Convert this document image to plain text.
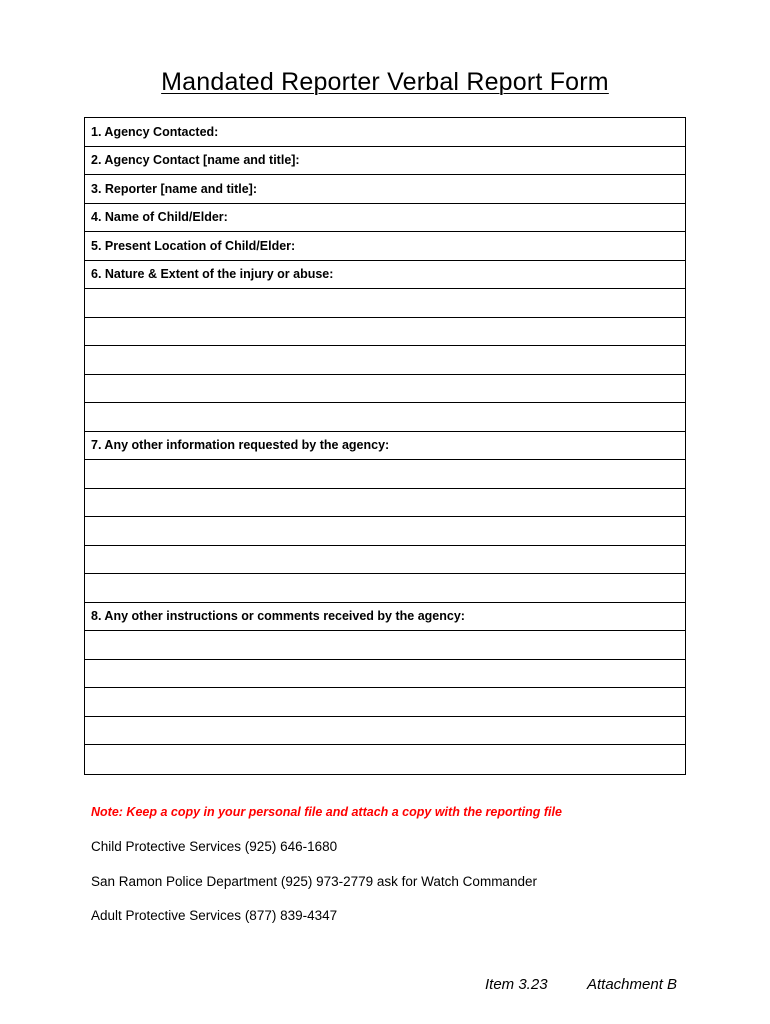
Mandated Reporter Verbal Report Form
1. Agency Contacted:
2. Agency Contact [name and title]:
3. Reporter [name and title]:
4. Name of Child/Elder:
5. Present Location of Child/Elder:
6. Nature & Extent of the injury or abuse:
7. Any other information requested by the agency:
8. Any other instructions or comments received by the agency:
Note: Keep a copy in your personal file and attach a copy with the reporting file
Child Protective Services (925) 646-1680
San Ramon Police Department (925) 973-2779 ask for Watch Commander
Adult Protective Services (877) 839-4347
Item 3.23	Attachment B
